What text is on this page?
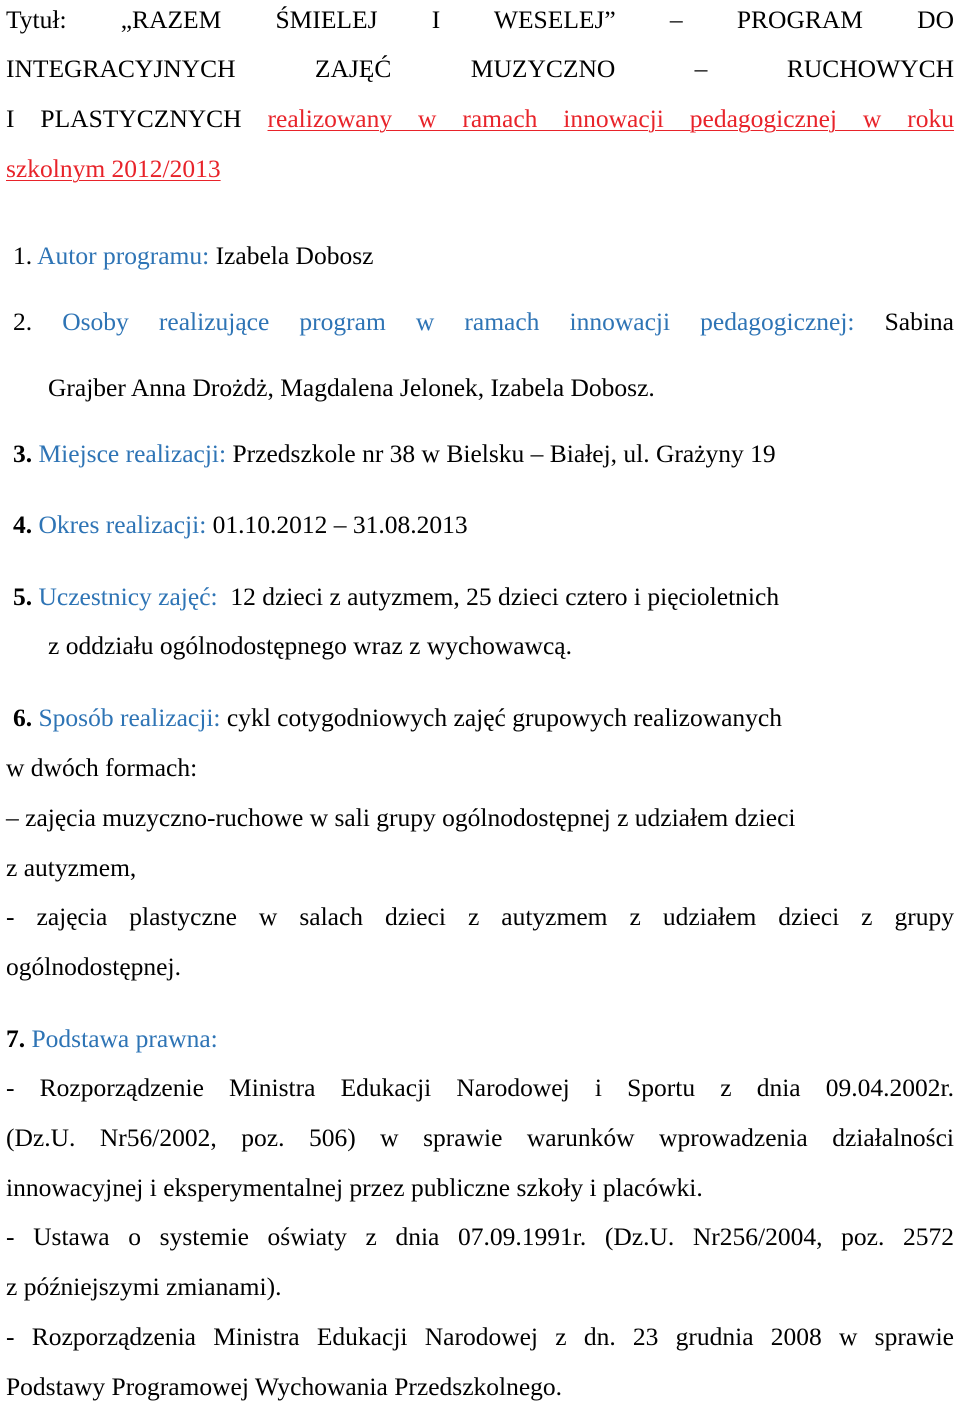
Tytuł: „RAZEM ŚMIELEJ I WESELEJ” – PROGRAM DO
INTEGRACYJNYCH ZAJĘĆ MUZYCZNO – RUCHOWYCH
I PLASTYCZNYCH realizowany w ramach innowacji pedagogicznej w roku
szkolnym 2012/2013
1. Autor programu: Izabela Dobosz
2. Osoby realizujące program w ramach innowacji pedagogicznej: Sabina
Grajber Anna Drożdż, Magdalena Jelonek, Izabela Dobosz.
3. Miejsce realizacji: Przedszkole nr 38 w Bielsku – Białej, ul. Grażyny 19
4. Okres realizacji: 01.10.2012 – 31.08.2013
5. Uczestnicy zajęć: 12 dzieci z autyzmem, 25 dzieci cztero i pięcioletnich
z oddziału ogólnodostępnego wraz z wychowawcą.
6. Sposób realizacji: cykl cotygodniowych zajęć grupowych realizowanych
w dwóch formach:
– zajęcia muzyczno-ruchowe w sali grupy ogólnodostępnej z udziałem dzieci
z autyzmem,
- zajęcia plastyczne w salach dzieci z autyzmem z udziałem dzieci z grupy
ogólnodostępnej.
7. Podstawa prawna:
- Rozporządzenie Ministra Edukacji Narodowej i Sportu z dnia 09.04.2002r.
(Dz.U. Nr56/2002, poz. 506) w sprawie warunków wprowadzenia działalności
innowacyjnej i eksperymentalnej przez publiczne szkoły i placówki.
- Ustawa o systemie oświaty z dnia 07.09.1991r. (Dz.U. Nr256/2004, poz. 2572
z późniejszymi zmianami).
- Rozporządzenia Ministra Edukacji Narodowej z dn. 23 grudnia 2008 w sprawie
Podstawy Programowej Wychowania Przedszkolnego.
